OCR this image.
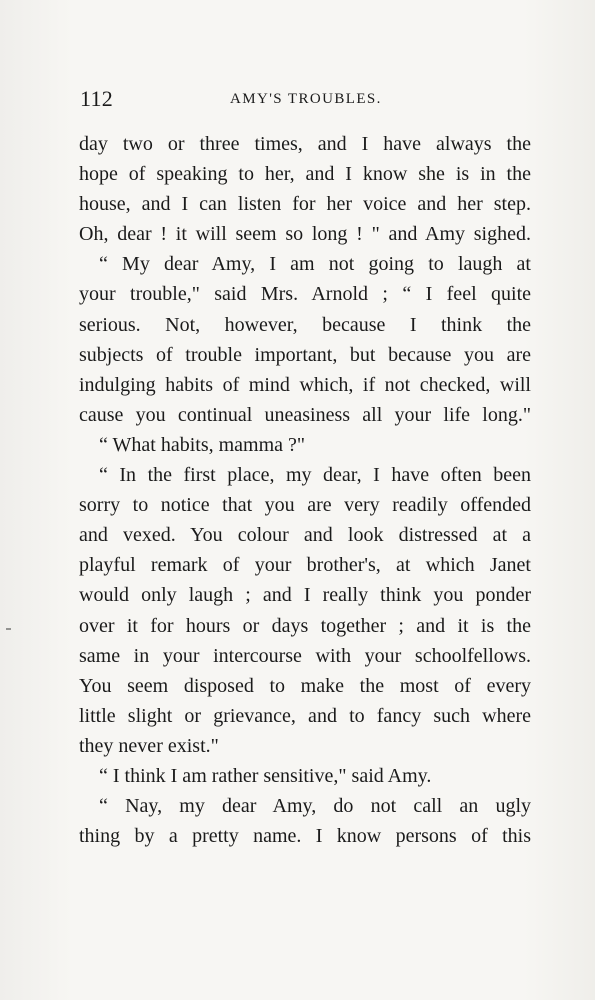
112	AMY'S TROUBLES.
day two or three times, and I have always the
hope of speaking to her, and I know she is in the
house, and I can listen for her voice and her step.
Oh, dear ! it will seem so long ! " and Amy sighed.
“ My dear Amy, I am not going to laugh at
your trouble," said Mrs. Arnold ; “ I feel quite
serious. Not, however, because I think the
subjects of trouble important, but because you are
indulging habits of mind which, if not checked, will
cause you continual uneasiness all your life long."
“ What habits, mamma ?"
“ In the first place, my dear, I have often been
sorry to notice that you are very readily offended
and vexed. You colour and look distressed at a
playful remark of your brother's, at which Janet
would only laugh ; and I really think you ponder
over it for hours or days together ; and it is the
same in your intercourse with your schoolfellows.
You seem disposed to make the most of every
little slight or grievance, and to fancy such where
they never exist."
“ I think I am rather sensitive," said Amy.
“ Nay, my dear Amy, do not call an ugly
thing by a pretty name. I know persons of this
